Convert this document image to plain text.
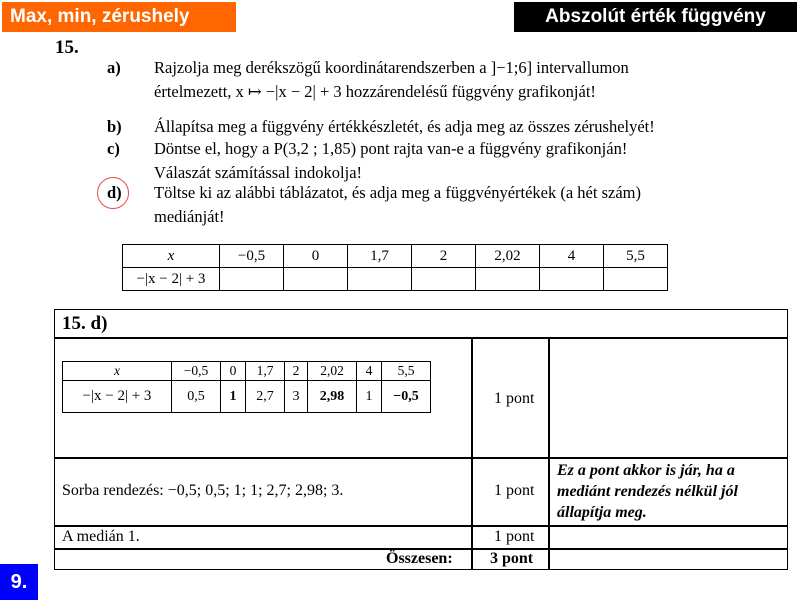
Max, min, zérushely	Abszolút érték függvény
15.
a) Rajzolja meg derékszögű koordinátarendszerben a ]−1;6] intervallumon
értelmezett, x ↦ −|x − 2| + 3 hozzárendelésű függvény grafikonját!
b) Állapítsa meg a függvény értékkészletét, és adja meg az összes zérushelyét!
c) Döntse el, hogy a P(3,2 ; 1,85) pont rajta van-e a függvény grafikonján!
Válaszát számítással indokolja!
d) Töltse ki az alábbi táblázatot, és adja meg a függvényértékek (a hét szám)
mediánját!
x	−0,5	0	1,7	2	2,02	4	5,5
−|x − 2| + 3							
15. d)
x	−0,5	0	1,7	2	2,02	4	5,5
−|x − 2| + 3	0,5	1	2,7	3	2,98	1	−0,5	1 pont
Sorba rendezés: −0,5; 0,5; 1; 1; 2,7; 2,98; 3.	1 pont
Ez a pont akkor is jár, ha a mediánt rendezés nélkül jól állapítja meg.
A medián 1.	1 pont
Összesen: 3 pont
9.
